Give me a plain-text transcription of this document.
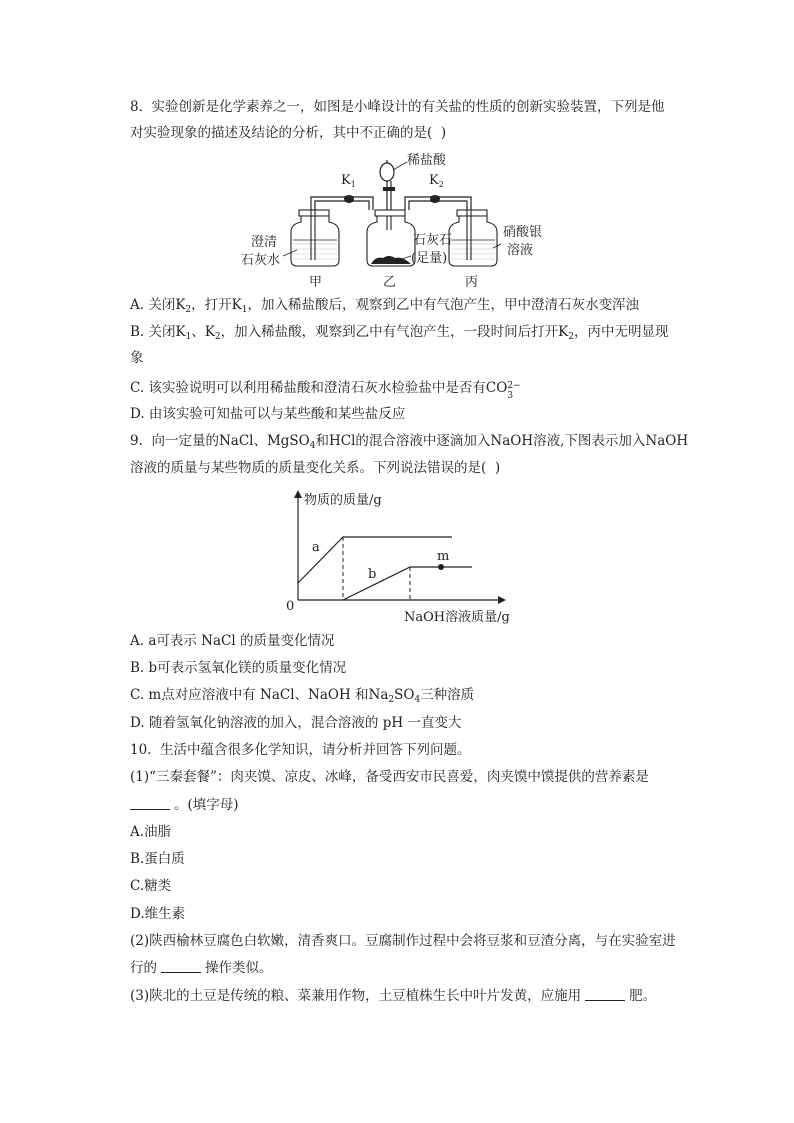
8.  实验创新是化学素养之一，如图是小峰设计的有关盐的性质的创新实验装置，下列是他
对实验现象的描述及结论的分析，其中不正确的是(  )
稀盐酸
$K_1$	$K_2$
澄清
石灰水
石灰石
(足量)
硝酸银
溶液
甲	乙	丙
A. 关闭$K_2$，打开$K_1$，加入稀盐酸后，观察到乙中有气泡产生，甲中澄清石灰水变浑浊
B. 关闭$K_1$、$K_2$，加入稀盐酸，观察到乙中有气泡产生，一段时间后打开$K_2$，丙中无明显现
象
C. 该实验说明可以利用稀盐酸和澄清石灰水检验盐中是否有CO 3
2−
D. 由该实验可知盐可以与某些酸和某些盐反应
9.  向一定量的NaCl、MgSO$_4$和HCl的混合溶液中逐滴加入NaOH溶液,下图表示加入NaOH
溶液的质量与某些物质的质量变化关系。下列说法错误的是(  )
物质的质量/g
NaOH溶液质量/g
0
a
b
m
A. a可表示 NaCl 的质量变化情况
B. b可表示氢氧化镁的质量变化情况
C. m点对应溶液中有 NaCl、NaOH 和$Na_2SO_4$三种溶质
D. 随着氢氧化钠溶液的加入，混合溶液的 pH 一直变大
10.  生活中蕴含很多化学知识，请分析并回答下列问题。
(1)“三秦套餐”：肉夹馍、凉皮、冰峰，备受西安市民喜爱，肉夹馍中馍提供的营养素是
。(填字母)
A.油脂
B.蛋白质
C.糖类
D.维生素
(2)陕西榆林豆腐色白软嫩，清香爽口。豆腐制作过程中会将豆浆和豆渣分离，与在实验室进
行的	操作类似。
(3)陕北的土豆是传统的粮、菜兼用作物，土豆植株生长中叶片发黄，应施用	肥。
